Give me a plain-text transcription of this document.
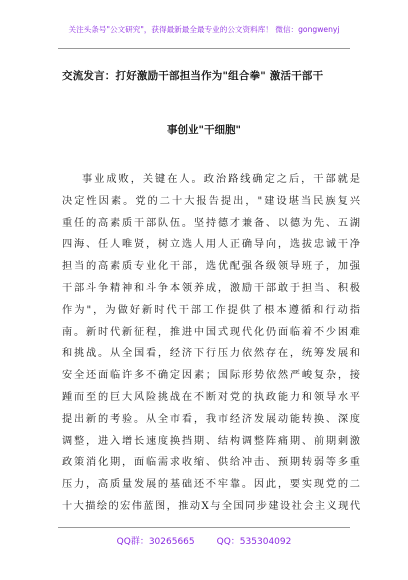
关注头条号"公文研究"，获得最新最全最专业的公文资料库！ 微信：gongwenyj
交流发言：打好激励干部担当作为"组合拳" 激活干部干
事创业"干细胞"
事业成败，关键在人。政治路线确定之后，干部就是
决定性因素。党的二十大报告提出，"建设堪当民族复兴
重任的高素质干部队伍。坚持德才兼备、以德为先、五湖
四海、任人唯贤，树立选人用人正确导向，选拔忠诚干净
担当的高素质专业化干部，选优配强各级领导班子，加强
干部斗争精神和斗争本领养成，激励干部敢于担当、积极
作为"，为做好新时代干部工作提供了根本遵循和行动指
南。新时代新征程，推进中国式现代化仍面临着不少困难
和挑战。从全国看，经济下行压力依然存在，统筹发展和
安全还面临许多不确定因素；国际形势依然严峻复杂，接
踵而至的巨大风险挑战在不断对党的执政能力和领导水平
提出新的考验。从全市看，我市经济发展动能转换、深度
调整，进入增长速度换挡期、结构调整阵痛期、前期刺激
政策消化期，面临需求收缩、供给冲击、预期转弱等多重
压力，高质量发展的基础还不牢靠。因此，要实现党的二
十大描绘的宏伟蓝图，推动X与全国同步建设社会主义现代
QQ群：30265665 QQ：535304092
